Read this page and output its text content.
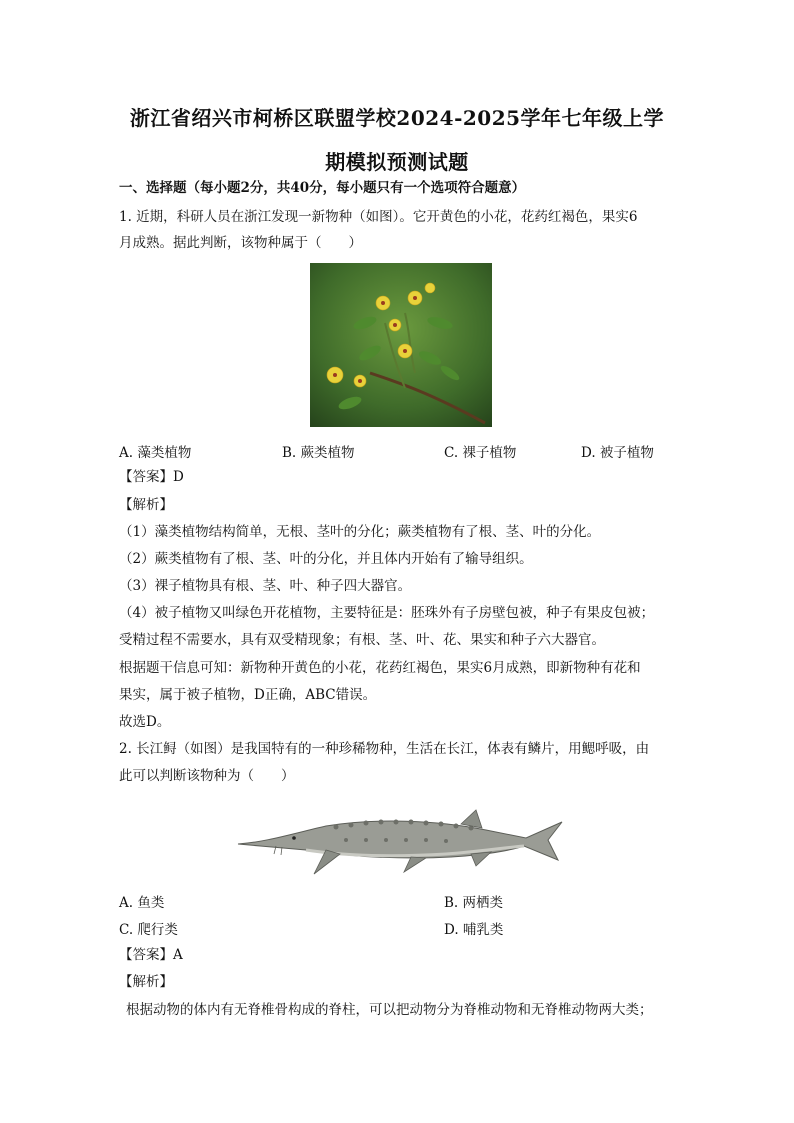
浙江省绍兴市柯桥区联盟学校2024-2025学年七年级上学
期模拟预测试题
一、选择题（每小题2分，共40分，每小题只有一个选项符合题意）
1. 近期，科研人员在浙江发现一新物种（如图）。它开黄色的小花，花药红褐色，果实6
月成熟。据此判断，该物种属于（　　）
A. 藻类植物	B. 蕨类植物	C. 裸子植物	D. 被子植物
【答案】D
【解析】
（1）藻类植物结构简单，无根、茎叶的分化；蕨类植物有了根、茎、叶的分化。
（2）蕨类植物有了根、茎、叶的分化，并且体内开始有了输导组织。
（3）裸子植物具有根、茎、叶、种子四大器官。
（4）被子植物又叫绿色开花植物，主要特征是：胚珠外有子房壁包被，种子有果皮包被；
受精过程不需要水，具有双受精现象；有根、茎、叶、花、果实和种子六大器官。
根据题干信息可知：新物种开黄色的小花，花药红褐色，果实6月成熟，即新物种有花和
果实，属于被子植物，D正确，ABC错误。
故选D。
2. 长江鲟（如图）是我国特有的一种珍稀物种，生活在长江，体表有鳞片，用鳃呼吸，由
此可以判断该物种为（　　）
A. 鱼类	B. 两栖类
C. 爬行类	D. 哺乳类
【答案】A
【解析】
根据动物的体内有无脊椎骨构成的脊柱，可以把动物分为脊椎动物和无脊椎动物两大类；
